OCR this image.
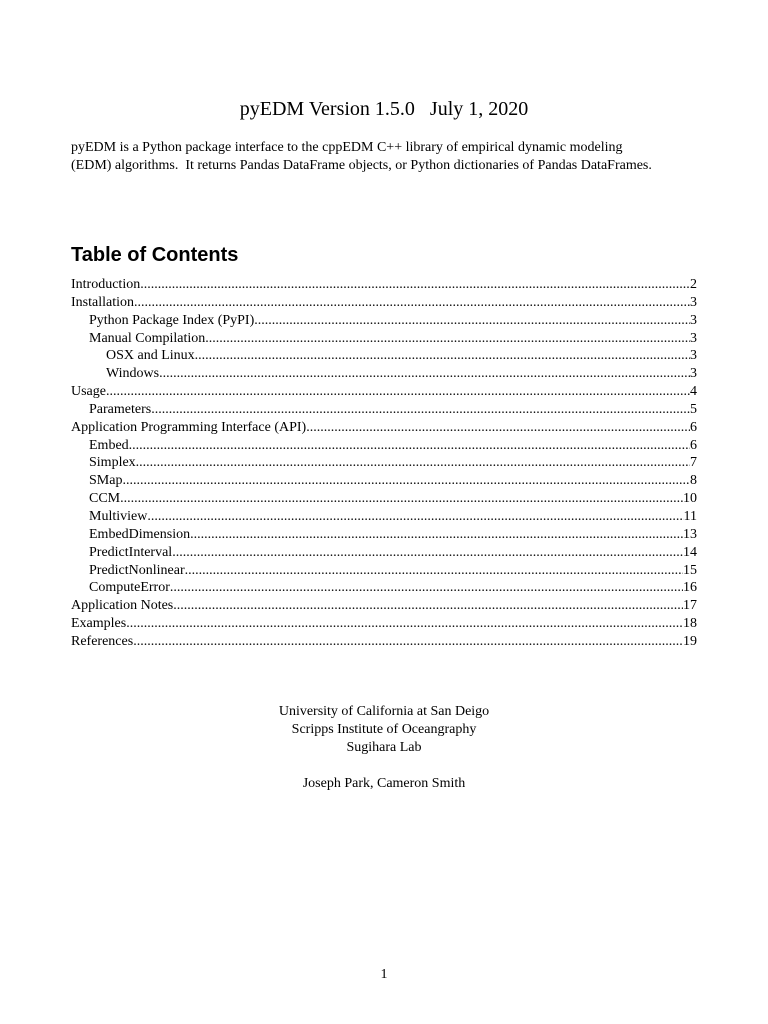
pyEDM Version 1.5.0   July 1, 2020

pyEDM is a Python package interface to the cppEDM C++ library of empirical dynamic modeling
(EDM) algorithms.  It returns Pandas DataFrame objects, or Python dictionaries of Pandas DataFrames.

Table of Contents
Introduction .....	2
Installation .....	3
Python Package Index (PyPI) .....	3
Manual Compilation .....	3
OSX and Linux .....	3
Windows .....	3
Usage .....	4
Parameters .....	5
Application Programming Interface (API) .....	6
Embed .....	6
Simplex .....	7
SMap .....	8
CCM .....	10
Multiview .....	11
EmbedDimension .....	13
PredictInterval .....	14
PredictNonlinear .....	15
ComputeError .....	16
Application Notes .....	17
Examples .....	18
References .....	19
University of California at San Deigo
Scripps Institute of Oceangraphy
Sugihara Lab
Joseph Park, Cameron Smith
1
